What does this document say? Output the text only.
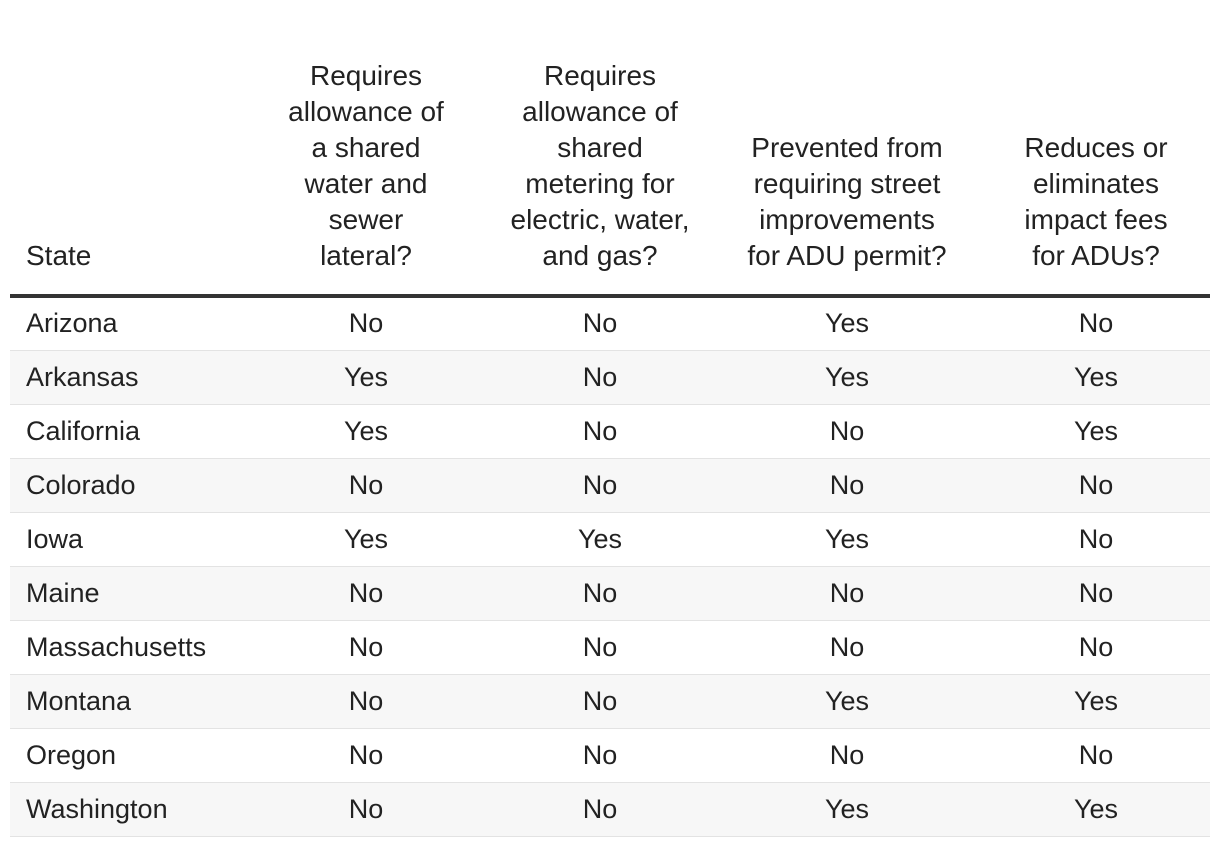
State	Requires allowance of a shared water and sewer lateral?	Requires allowance of shared metering for electric, water, and gas?	Prevented from requiring street improvements for ADU permit?	Reduces or eliminates impact fees for ADUs?

Arizona	No	No	Yes	No
Arkansas	Yes	No	Yes	Yes
California	Yes	No	No	Yes
Colorado	No	No	No	No
Iowa	Yes	Yes	Yes	No
Maine	No	No	No	No
Massachusetts	No	No	No	No
Montana	No	No	Yes	Yes
Oregon	No	No	No	No
Washington	No	No	Yes	Yes
